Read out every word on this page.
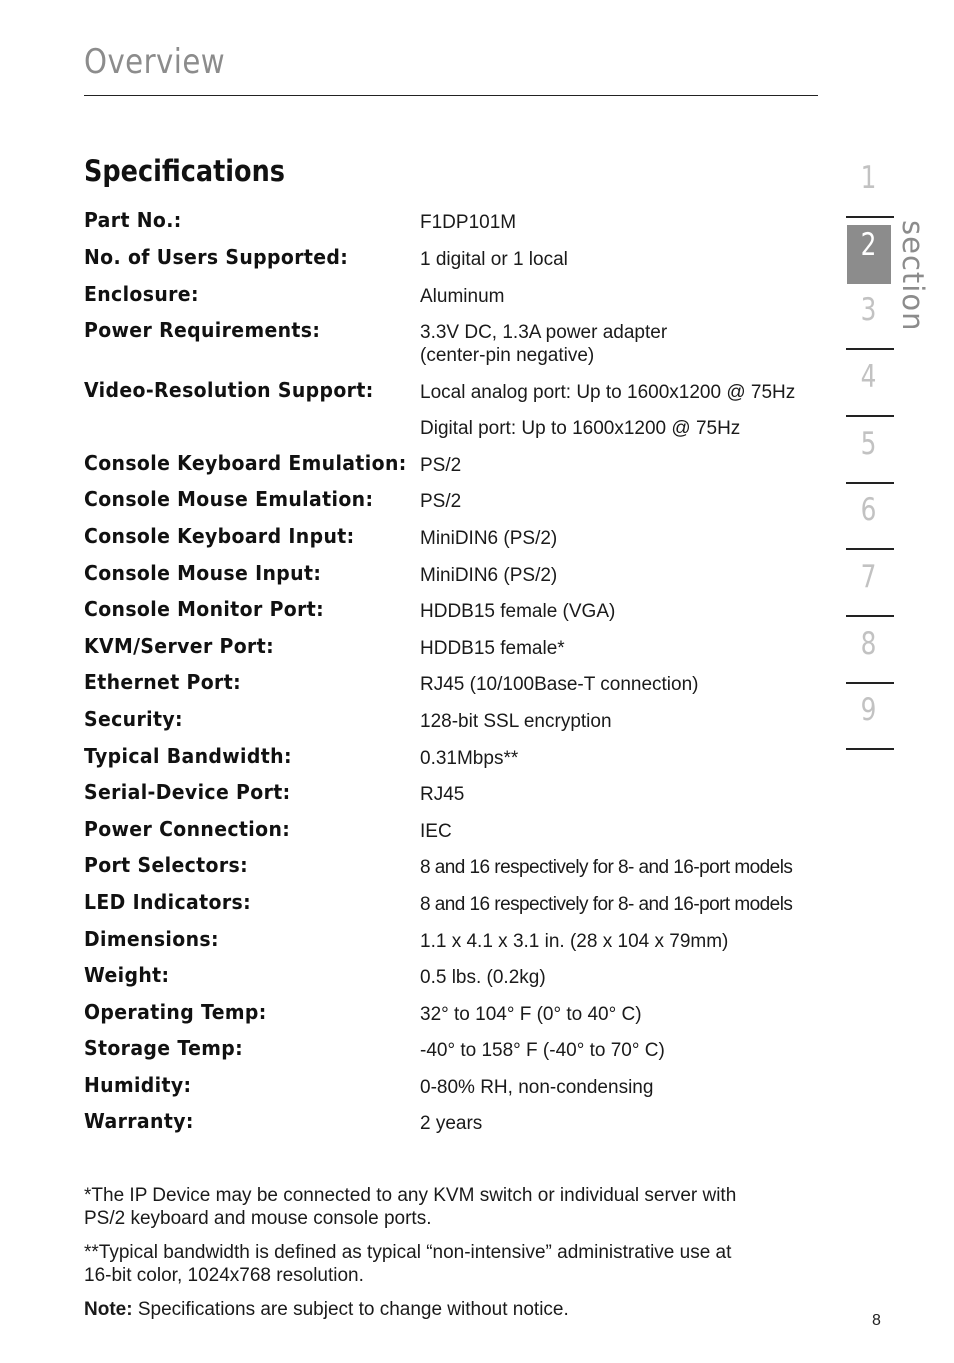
Overview
Specifications
Part No.:	F1DP101M
No. of Users Supported:	1 digital or 1 local
Enclosure:	Aluminum
Power Requirements:	3.3V DC, 1.3A power adapter
(center-pin negative)
Video-Resolution Support: Local analog port: Up to 1600x1200 @ 75Hz
Digital port: Up to 1600x1200 @ 75Hz
Console Keyboard Emulation: PS/2
Console Mouse Emulation: PS/2
Console Keyboard Input:	MiniDIN6 (PS/2)
Console Mouse Input:	MiniDIN6 (PS/2)
Console Monitor Port:	HDDB15 female (VGA)
KVM/Server Port:	HDDB15 female*
Ethernet Port:	RJ45 (10/100Base-T connection)
Security:	128-bit SSL encryption
Typical Bandwidth:	0.31Mbps**
Serial-Device Port:	RJ45
Power Connection:	IEC
Port Selectors:	8 and 16 respectively for 8- and 16-port models
LED Indicators:	8 and 16 respectively for 8- and 16-port models
Dimensions:	1.1 x 4.1 x 3.1 in. (28 x 104 x 79mm)
Weight:	0.5 lbs. (0.2kg)
Operating Temp:	32° to 104° F (0° to 40° C)
Storage Temp:	-40° to 158° F (-40° to 70° C)
Humidity:	0-80% RH, non-condensing
Warranty:	2 years

*The IP Device may be connected to any KVM switch or individual server with
PS/2 keyboard and mouse console ports.

**Typical bandwidth is defined as typical “non-intensive” administrative use at
16-bit color, 1024x768 resolution.

Note: Specifications are subject to change without notice.

1
2
3
4
5
6
7
8
9
section
8
